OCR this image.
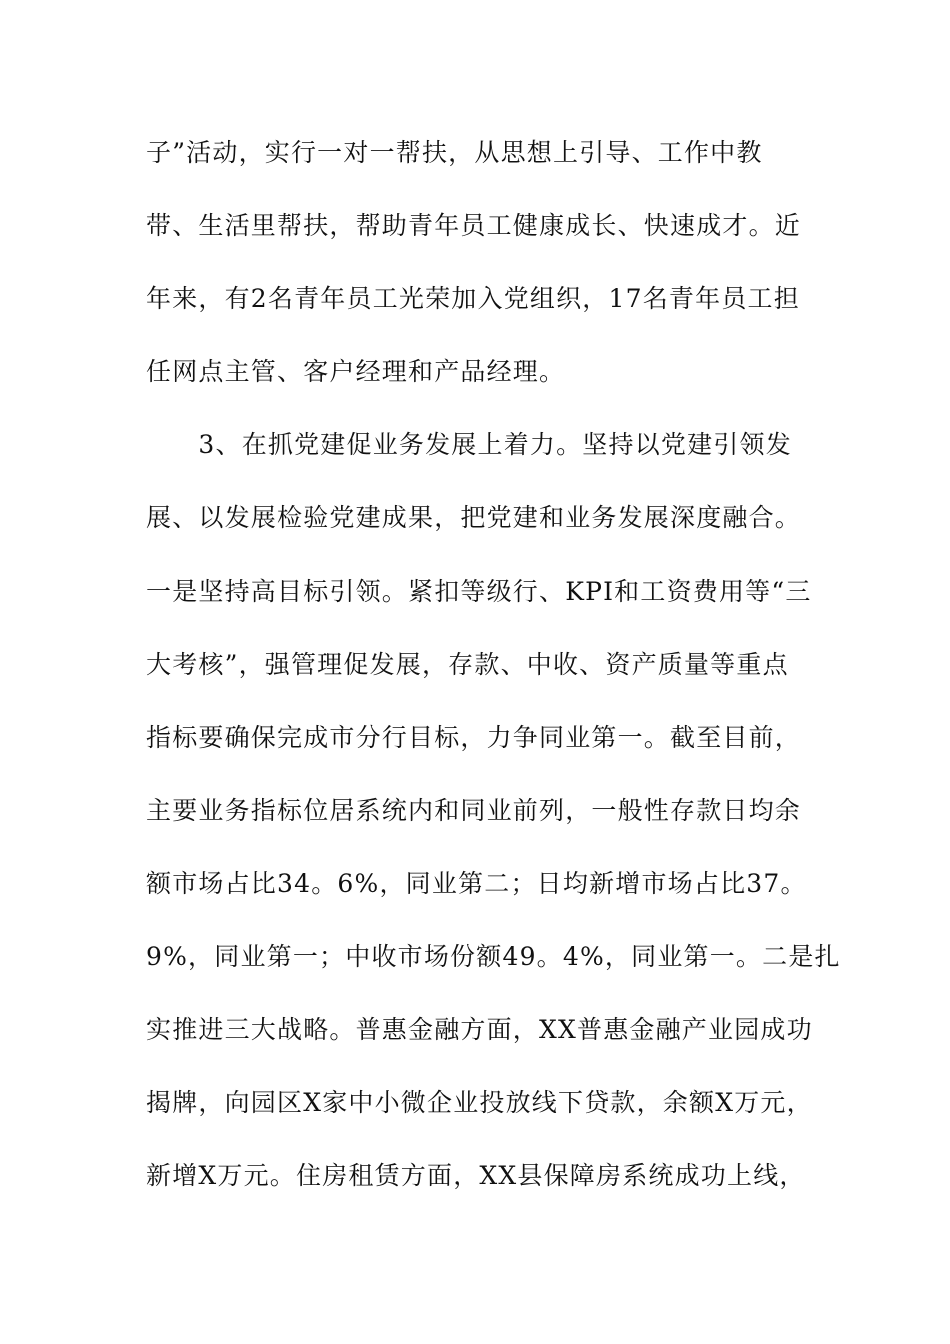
子”活动，实行一对一帮扶，从思想上引导、工作中教

带、生活里帮扶，帮助青年员工健康成长、快速成才。近

年来，有2名青年员工光荣加入党组织，17名青年员工担

任网点主管、客户经理和产品经理。

　　3、在抓党建促业务发展上着力。坚持以党建引领发

展、以发展检验党建成果，把党建和业务发展深度融合。

一是坚持高目标引领。紧扣等级行、KPI和工资费用等“三

大考核”，强管理促发展，存款、中收、资产质量等重点

指标要确保完成市分行目标，力争同业第一。截至目前，

主要业务指标位居系统内和同业前列，一般性存款日均余

额市场占比34。6%，同业第二；日均新增市场占比37。

9%，同业第一；中收市场份额49。4%，同业第一。二是扎

实推进三大战略。普惠金融方面，XX普惠金融产业园成功

揭牌，向园区X家中小微企业投放线下贷款，余额X万元，

新增X万元。住房租赁方面，XX县保障房系统成功上线，
